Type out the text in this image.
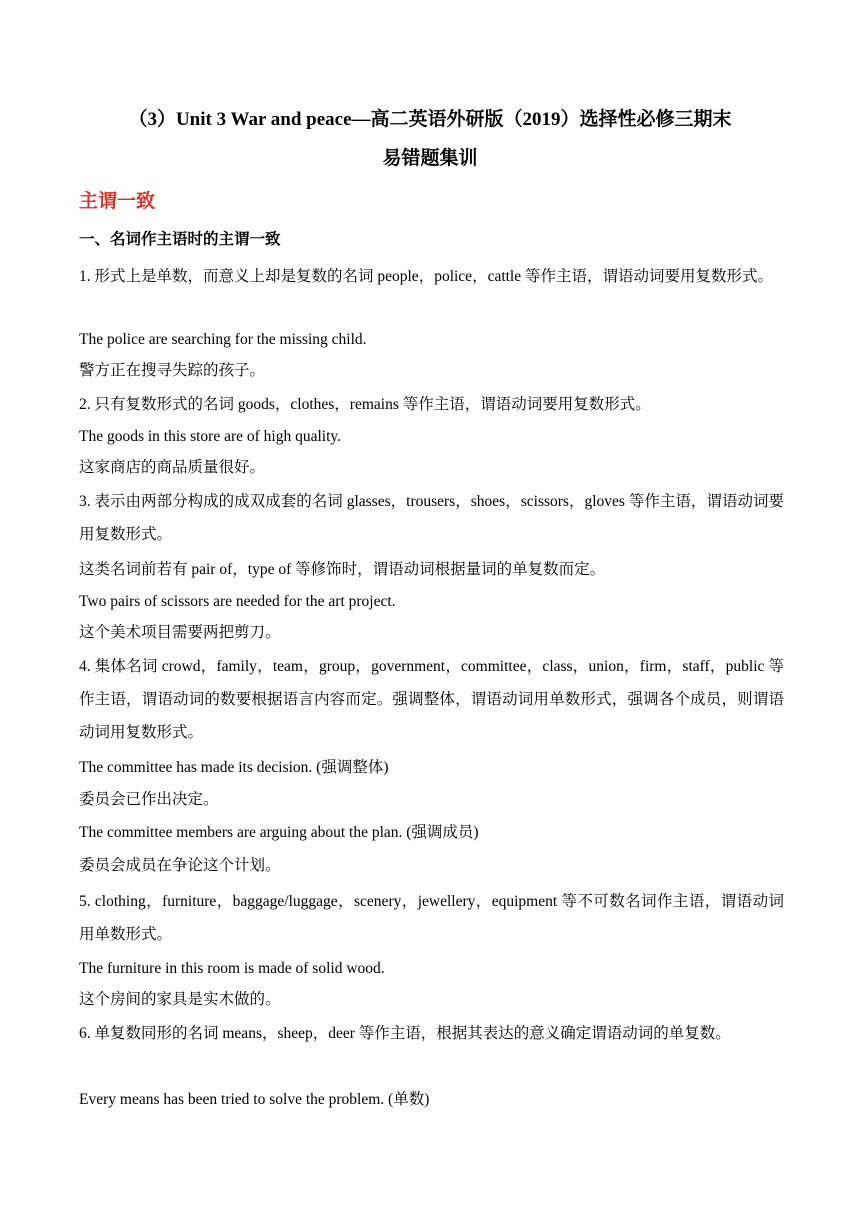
（3）Unit 3 War and peace—高二英语外研版（2019）选择性必修三期末
易错题集训
主谓一致
一、名词作主语时的主谓一致
1. 形式上是单数，而意义上却是复数的名词 people，police，cattle 等作主语，谓语动词要用复数形式。
The police are searching for the missing child.
警方正在搜寻失踪的孩子。
2. 只有复数形式的名词 goods，clothes，remains 等作主语，谓语动词要用复数形式。
The goods in this store are of high quality.
这家商店的商品质量很好。
3. 表示由两部分构成的成双成套的名词 glasses，trousers，shoes，scissors，gloves 等作主语，谓语动词要用复数形式。
这类名词前若有 pair of，type of 等修饰时，谓语动词根据量词的单复数而定。
Two pairs of scissors are needed for the art project.
这个美术项目需要两把剪刀。
4. 集体名词 crowd，family，team，group，government，committee，class，union，firm，staff，public 等作主语，谓语动词的数要根据语言内容而定。强调整体，谓语动词用单数形式，强调各个成员，则谓语动词用复数形式。
The committee has made its decision. (强调整体)
委员会已作出决定。
The committee members are arguing about the plan. (强调成员)
委员会成员在争论这个计划。
5. clothing，furniture，baggage/luggage，scenery，jewellery，equipment 等不可数名词作主语，谓语动词用单数形式。
The furniture in this room is made of solid wood.
这个房间的家具是实木做的。
6. 单复数同形的名词 means，sheep，deer 等作主语，根据其表达的意义确定谓语动词的单复数。
Every means has been tried to solve the problem. (单数)
